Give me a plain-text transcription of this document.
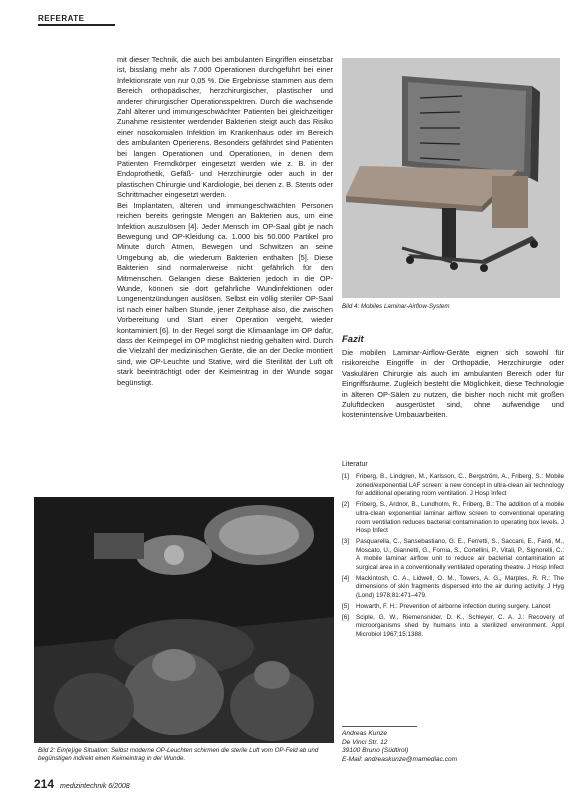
REFERATE

mit dieser Technik, die auch bei ambulanten Eingriffen einsetzbar ist, bisslang mehr als 7.000 Operationen durchgeführt bei einer Infektionsrate von nur 0,05 %. Die Ergebnisse stammen aus dem Bereich orthopädischer, herzchirurgischer, plastischer und anderer chirurgischer Operationsspektren. Durch die wachsende Zahl älterer und immungeschwächter Patienten bei gleichzeitiger Zunahme resistenter werdender Bakterien steigt auch das Risiko einer nosokomialen Infektion im Krankenhaus oder im Bereich des ambulanten Operierens. Besonders gefährdet sind Patienten bei langen Operationen und Operationen, in denen dem Patienten Fremdkörper eingesetzt werden wie z. B. in der Endoprothetik, Gefäß- und Herzchirurgie oder auch in der plastischen Chirurgie und Kardiologie, bei denen z. B. Stents oder Schrittmacher eingesetzt werden.

Bei Implantaten, älteren und immungeschwächten Personen reichen bereits geringste Mengen an Bakterien aus, um eine Infektion auszulösen [4]. Jeder Mensch im OP-Saal gibt je nach Bewegung und OP-Kleidung ca. 1.000 bis 50.000 Partikel pro Minute durch Atmen, Bewegen und Schwitzen an seine Umgebung ab, die wiederum Bakterien enthalten [5]. Diese Bakterien sind normalerweise nicht gefährlich für den Mitmenschen. Gelangen diese Bakterien jedoch in die OP-Wunde, können sie dort gefährliche Wundinfektionen oder Lungenentzündungen auslösen. Selbst ein völlig steriler OP-Saal ist nach einer halben Stunde, jener Zeitphase also, die zwischen Vorbereitung und Start einer Operation vergeht, wieder kontaminiert [6]. In der Regel sorgt die Klimaanlage im OP dafür, dass der Keimpegel im OP möglichst niedrig gehalten wird. Durch die Vielzahl der medizinischen Geräte, die an der Decke montiert sind, wie OP-Leuchte und Stative, wird die Sterilität der Luft oft stark beeinträchtigt oder der Keimeintrag in der Wunde sogar begünstigt.

Bild 4: Mobiles Laminar-Airflow-System
Fazit

Die mobilen Laminar-Airflow-Geräte eignen sich sowohl für risikoreiche Eingriffe in der Orthopädie, Herzchirurgie oder Vaskulären Chirurgie als auch im ambulanten Bereich oder für Eingriffsräume. Zugleich besteht die Möglichkeit, diese Technologie in älteren OP-Sälen zu nutzen, die bisher noch nicht mit großen Zuluftdecken ausgerüstet sind, ohne aufwendige und kostenintensive Umbauarbeiten.

Literatur
[1]	Friberg, B., Lindgren, M., Karlsson, C., Bergström, A., Friberg, S.: Mobile zoned/exponential LAF screen: a new concept in ultra-clean air technology for additional operating room ventilation. J Hosp Infect
[2]	Friberg, S., Ardnor, B., Lundholm, R., Friberg, B.: The addition of a mobile ultra-clean exponential laminar airflow screen to conventional operating room ventilation reduces bacterial contamination to operating box levels. J Hosp Infect
[3]	Pasquarella, C., Sansebastiano, G. E., Ferretti, S., Saccani, E., Fanti, M., Moscato, U., Giannetti, G., Fornia, S., Cortellini, P., Vitali, P., Signorelli, C.: A mobile laminar airflow unit to reduce air bacterial contamination at surgical area in a conventionally ventilated operating theatre. J Hosp Infect
[4]	Mackintosh, C. A., Lidwell, O. M., Towers, A. G., Marples, R. R.: The dimensions of skin fragments dispersed into the air during activity. J Hyg (Lond) 1978;81:471–479.
[5]	Howarth, F. H.: Prevention of airborne infection during surgery. Lancet
[6]	Sciple, G. W., Riemensnider, D. K., Schleyer, C. A. J.: Recovery of microorganisms shed by humans into a sterilized environment. Appl Microbiol 1967;15:1388.

Bild 2: Ein(e)ige Situation: Selbst moderne OP-Leuchten schirmen die sterile Luft vom OP-Feld ab und begünstigen indirekt einen Keimeintrag in der Wunde.

Andreas Kunze
De Vinci Str. 12
39100 Bruno (Südtirol)
E-Mail: andreaskunze@mamediac.com
214 medizintechnik 6/2008
